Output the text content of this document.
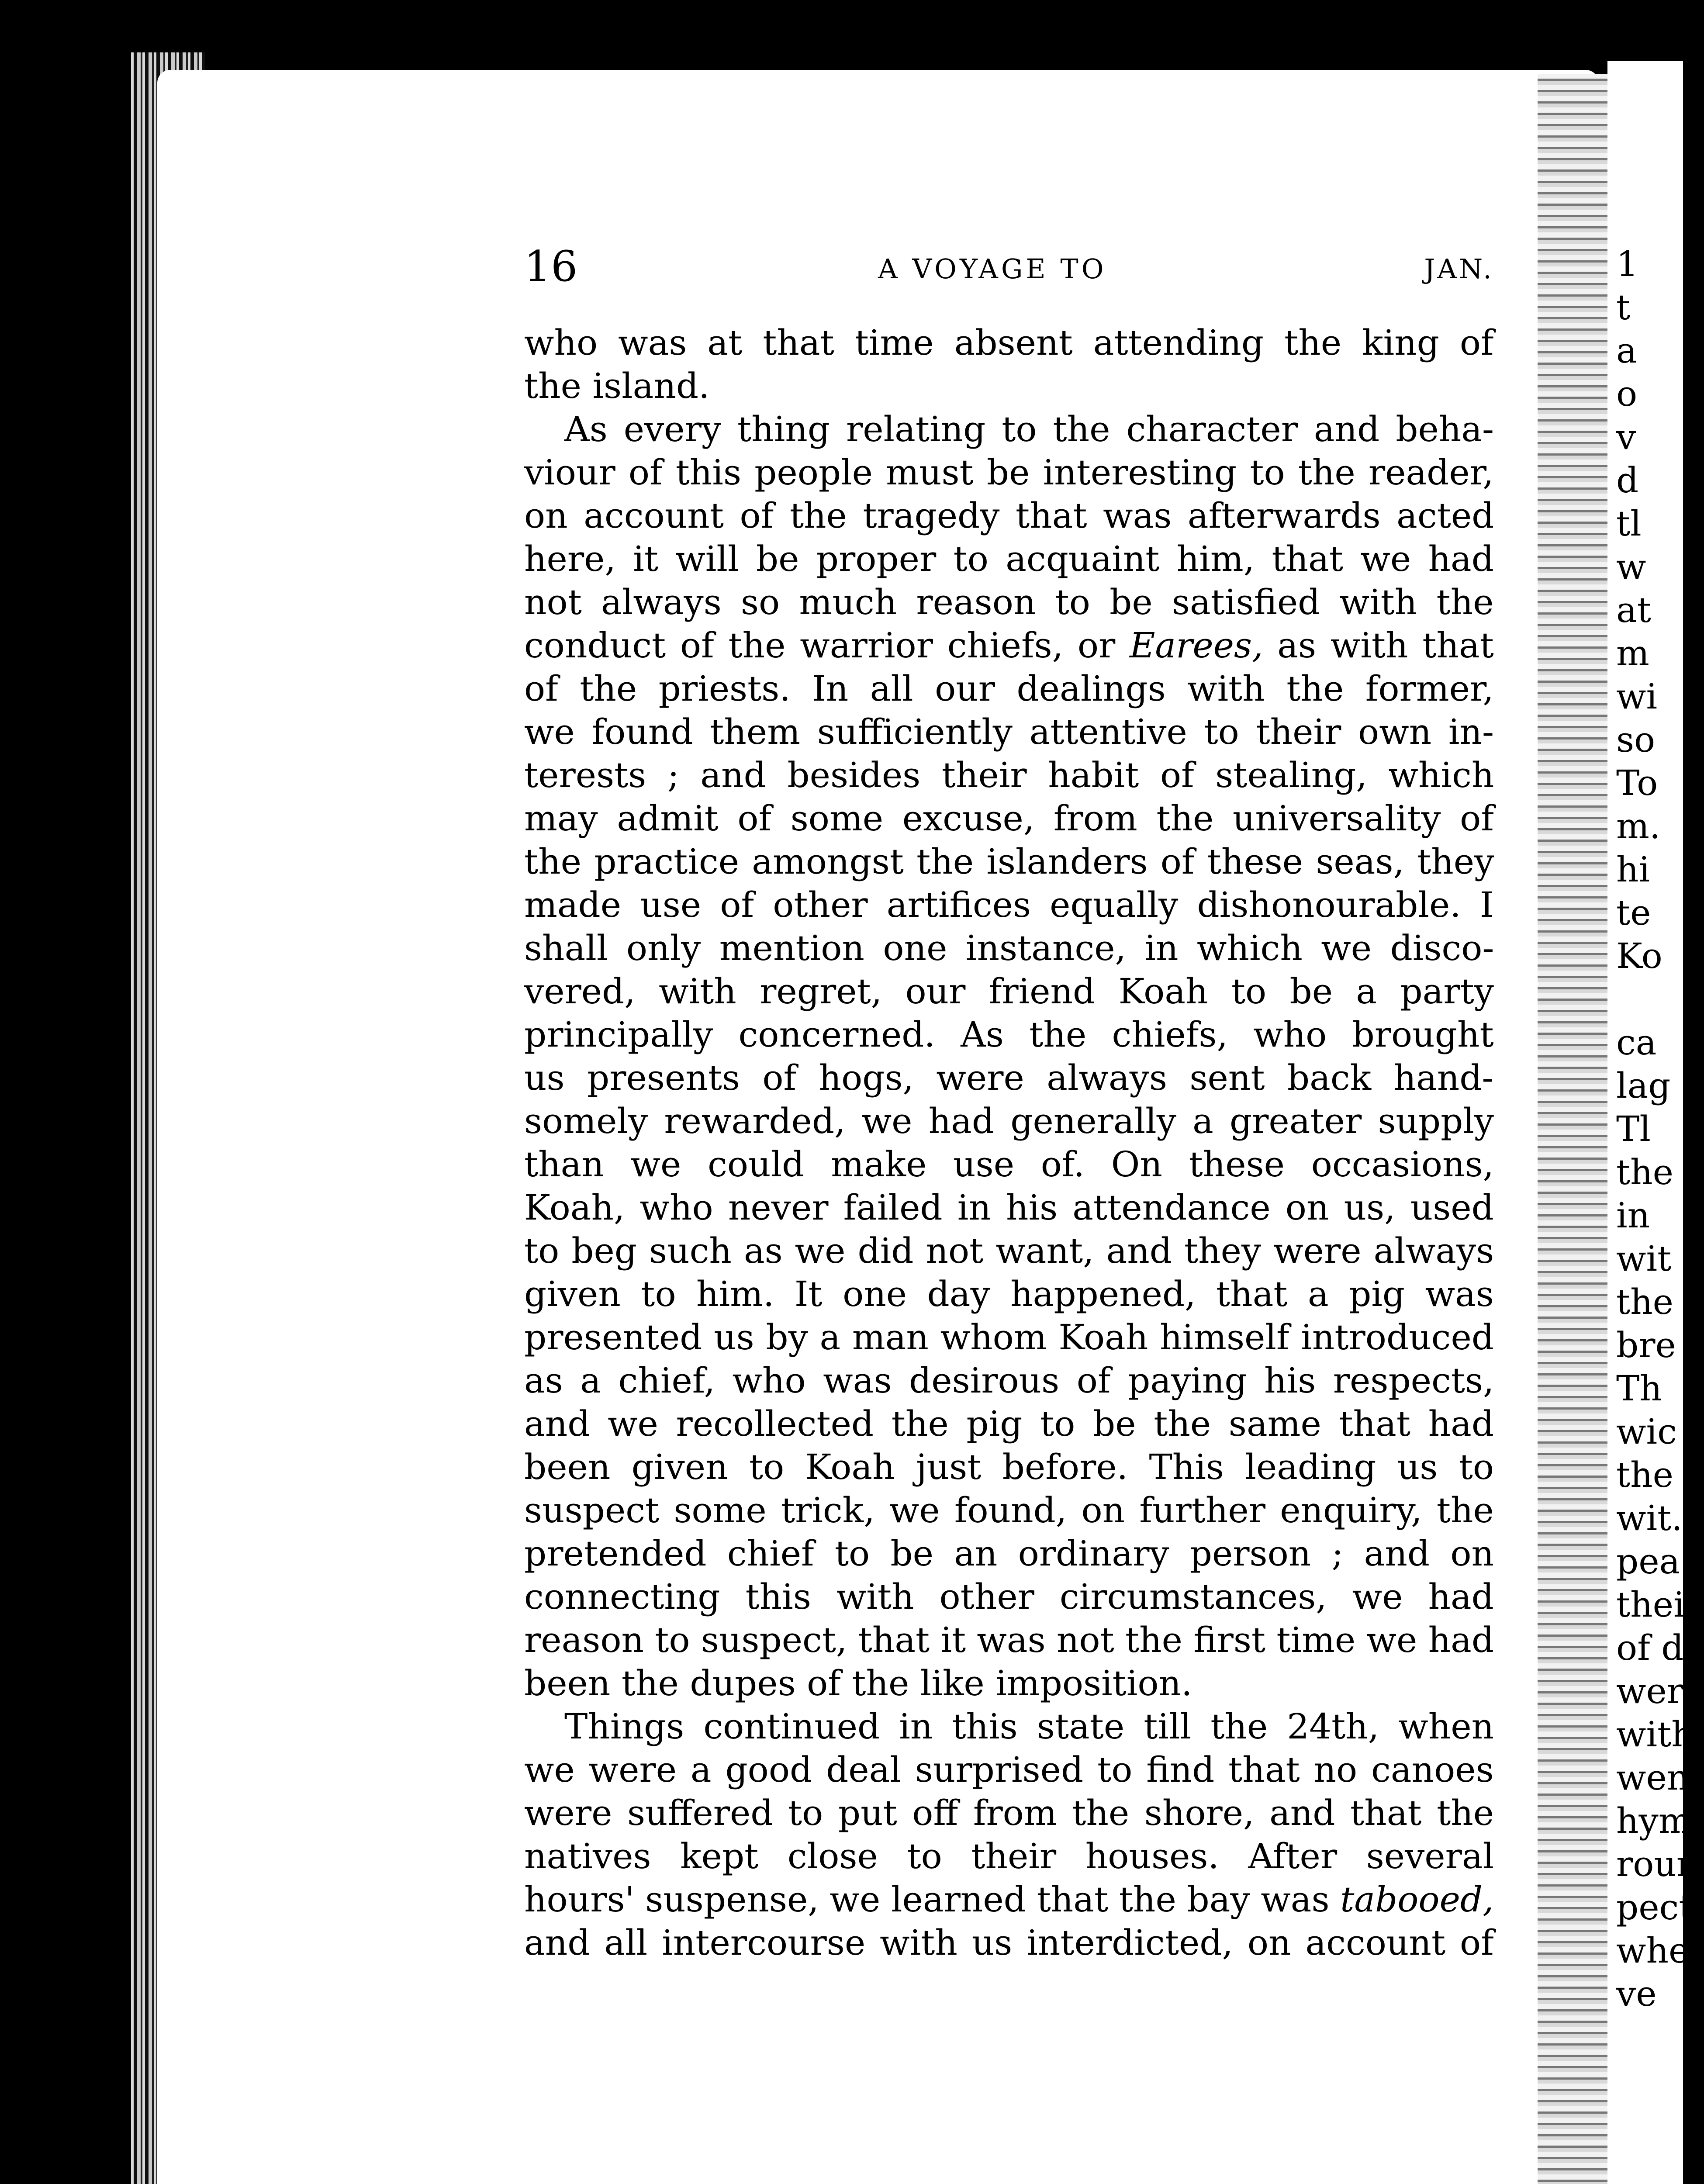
16	A VOYAGE TO	JAN.
who was at that time absent attending the king of
the island.
As every thing relating to the character and beha-
viour of this people must be interesting to the reader,
on account of the tragedy that was afterwards acted
here, it will be proper to acquaint him, that we had
not always so much reason to be satisfied with the
conduct of the warrior chiefs, or Earees, as with that
of the priests. In all our dealings with the former,
we found them sufficiently attentive to their own in-
terests ; and besides their habit of stealing, which
may admit of some excuse, from the universality of
the practice amongst the islanders of these seas, they
made use of other artifices equally dishonourable. I
shall only mention one instance, in which we disco-
vered, with regret, our friend Koah to be a party
principally concerned. As the chiefs, who brought
us presents of hogs, were always sent back hand-
somely rewarded, we had generally a greater supply
than we could make use of. On these occasions,
Koah, who never failed in his attendance on us, used
to beg such as we did not want, and they were always
given to him. It one day happened, that a pig was
presented us by a man whom Koah himself introduced
as a chief, who was desirous of paying his respects,
and we recollected the pig to be the same that had
been given to Koah just before. This leading us to
suspect some trick, we found, on further enquiry, the
pretended chief to be an ordinary person ; and on
connecting this with other circumstances, we had
reason to suspect, that it was not the first time we had
been the dupes of the like imposition.
Things continued in this state till the 24th, when
we were a good deal surprised to find that no canoes
were suffered to put off from the shore, and that the
natives kept close to their houses. After several
hours' suspense, we learned that the bay was tabooed,
and all intercourse with us interdicted, on account of
1
t
a
o
v
d
tl
w
at
m
wi
so
To
m.
hi
te
Ko
ca
lag
Tl
the
in
wit
the
bre
Th
wic
the
wit.
pea
thei
of d
were
with
wen
hym
rour
pect
whe.
ve
